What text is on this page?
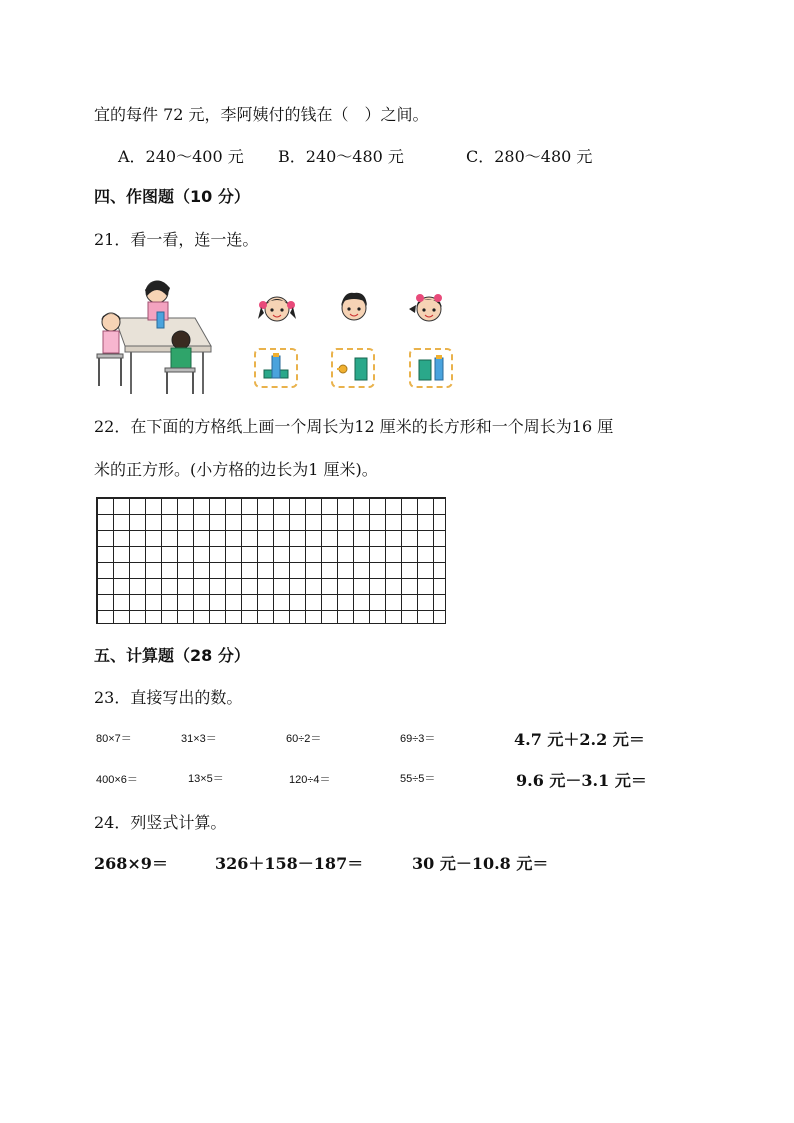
宜的每件 72 元，李阿姨付的钱在（　）之间。
A．240～400 元 B．240～480 元	C．280～480 元
四、作图题（10 分）
21．看一看，连一连。
22．在下面的方格纸上画一个周长为12 厘米的长方形和一个周长为16 厘
米的正方形。(小方格的边长为1 厘米)。
五、计算题（28 分）
23．直接写出的数。
80×7＝	31×3＝	60÷2＝	69÷3＝	4.7 元＋2.2 元＝
400×6＝	13×5＝	120÷4＝	55÷5＝	9.6 元－3.1 元＝
24．列竖式计算。
268×9＝	326＋158－187＝	30 元－10.8 元＝
